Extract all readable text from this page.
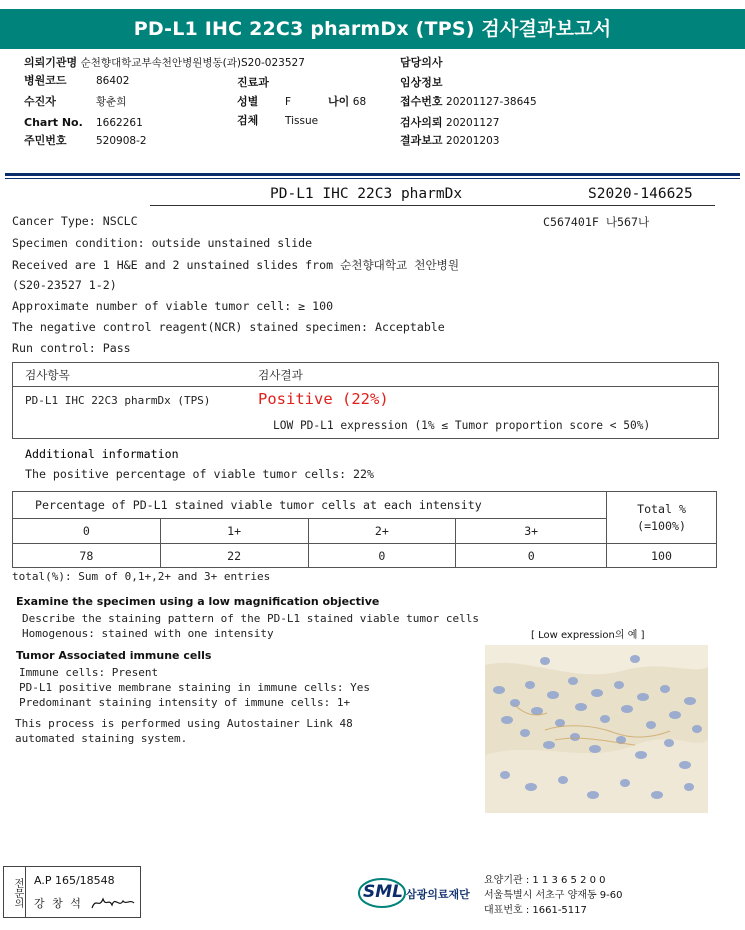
PD-L1 IHC 22C3 pharmDx (TPS) 검사결과보고서
의뢰기관명 순천향대학교부속천안병원병동(과)S20-023527
병원코드	86402
수진자	황춘희
Chart No. 1662261
주민번호	520908-2
진료과
성별	F	나이 68
검체	Tissue
담당의사
임상정보
접수번호 20201127-38645
검사의뢰 20201127
결과보고 20201203
PD-L1 IHC 22C3 pharmDx	S2020-146625
C567401F 나567나
Cancer Type: NSCLC
Specimen condition: outside unstained slide
Received are 1 H&E and 2 unstained slides from 순천향대학교 천안병원
(S20-23527 1-2)
Approximate number of viable tumor cell: ≥ 100
The negative control reagent(NCR) stained specimen: Acceptable
Run control: Pass
검사항목	검사결과
PD-L1 IHC 22C3 pharmDx (TPS)	Positive (22%)
LOW PD-L1 expression (1% ≤ Tumor proportion score < 50%)
Additional information
The positive percentage of viable tumor cells: 22%
Percentage of PD-L1 stained viable tumor cells at each intensity				Total %
(=100%)
0	1+	2+	3+	
78	22	0	0	100
total(%): Sum of 0,1+,2+ and 3+ entries
Examine the specimen using a low magnification objective
Describe the staining pattern of the PD-L1 stained viable tumor cells
Homogenous: stained with one intensity
Tumor Associated immune cells
Immune cells: Present
PD-L1 positive membrane staining in immune cells: Yes
Predominant staining intensity of immune cells: 1+
This process is performed using Autostainer Link 48
automated staining system.
[ Low expression의 예 ]
전문의 A.P 165/18548
강 창 석
SML 삼광의료재단
요양기관 : 1 1 3 6 5 2 0 0
서울특별시 서초구 양재동 9-60
대표번호 : 1661-5117
